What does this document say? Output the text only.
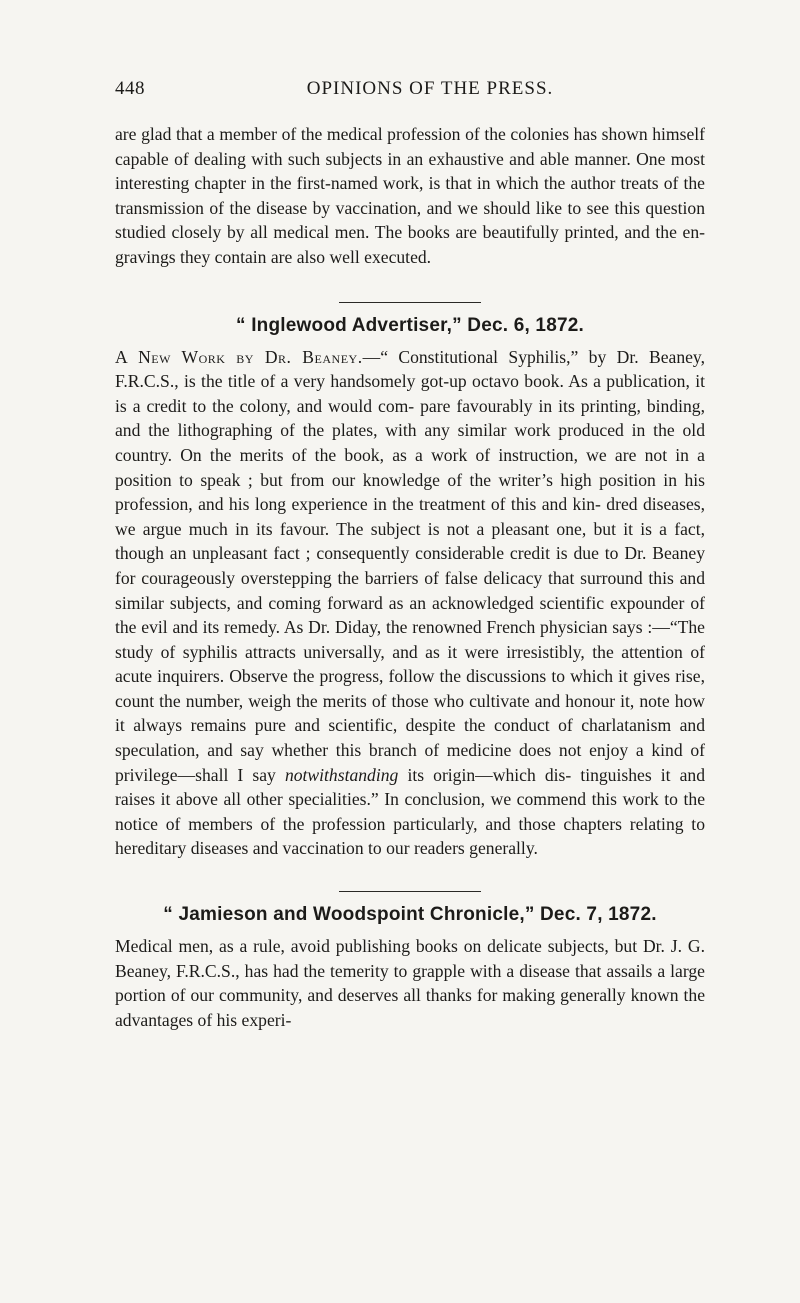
448	OPINIONS OF THE PRESS.

are glad that a member of the medical profession of the colonies has shown himself capable of dealing with such subjects in an exhaustive and able manner. One most interesting chapter in the first-named work, is that in which the author treats of the transmission of the disease by vaccination, and we should like to see this question studied closely by all medical men. The books are beautifully printed, and the en- gravings they contain are also well executed.

“ Inglewood Advertiser,” Dec. 6, 1872.

A New Work by Dr. Beaney.—“ Constitutional Syphilis,” by Dr. Beaney, F.R.C.S., is the title of a very handsomely got-up octavo book. As a publication, it is a credit to the colony, and would com- pare favourably in its printing, binding, and the lithographing of the plates, with any similar work produced in the old country. On the merits of the book, as a work of instruction, we are not in a position to speak ; but from our knowledge of the writer’s high position in his profession, and his long experience in the treatment of this and kin- dred diseases, we argue much in its favour. The subject is not a pleasant one, but it is a fact, though an unpleasant fact ; consequently considerable credit is due to Dr. Beaney for courageously overstepping the barriers of false delicacy that surround this and similar subjects, and coming forward as an acknowledged scientific expounder of the evil and its remedy. As Dr. Diday, the renowned French physician says :—“The study of syphilis attracts universally, and as it were irresistibly, the attention of acute inquirers. Observe the progress, follow the discussions to which it gives rise, count the number, weigh the merits of those who cultivate and honour it, note how it always remains pure and scientific, despite the conduct of charlatanism and speculation, and say whether this branch of medicine does not enjoy a kind of privilege—shall I say notwithstanding its origin—which dis- tinguishes it and raises it above all other specialities.” In conclusion, we commend this work to the notice of members of the profession particularly, and those chapters relating to hereditary diseases and vaccination to our readers generally.

“ Jamieson and Woodspoint Chronicle,” Dec. 7, 1872.

Medical men, as a rule, avoid publishing books on delicate subjects, but Dr. J. G. Beaney, F.R.C.S., has had the temerity to grapple with a disease that assails a large portion of our community, and deserves all thanks for making generally known the advantages of his experi-
